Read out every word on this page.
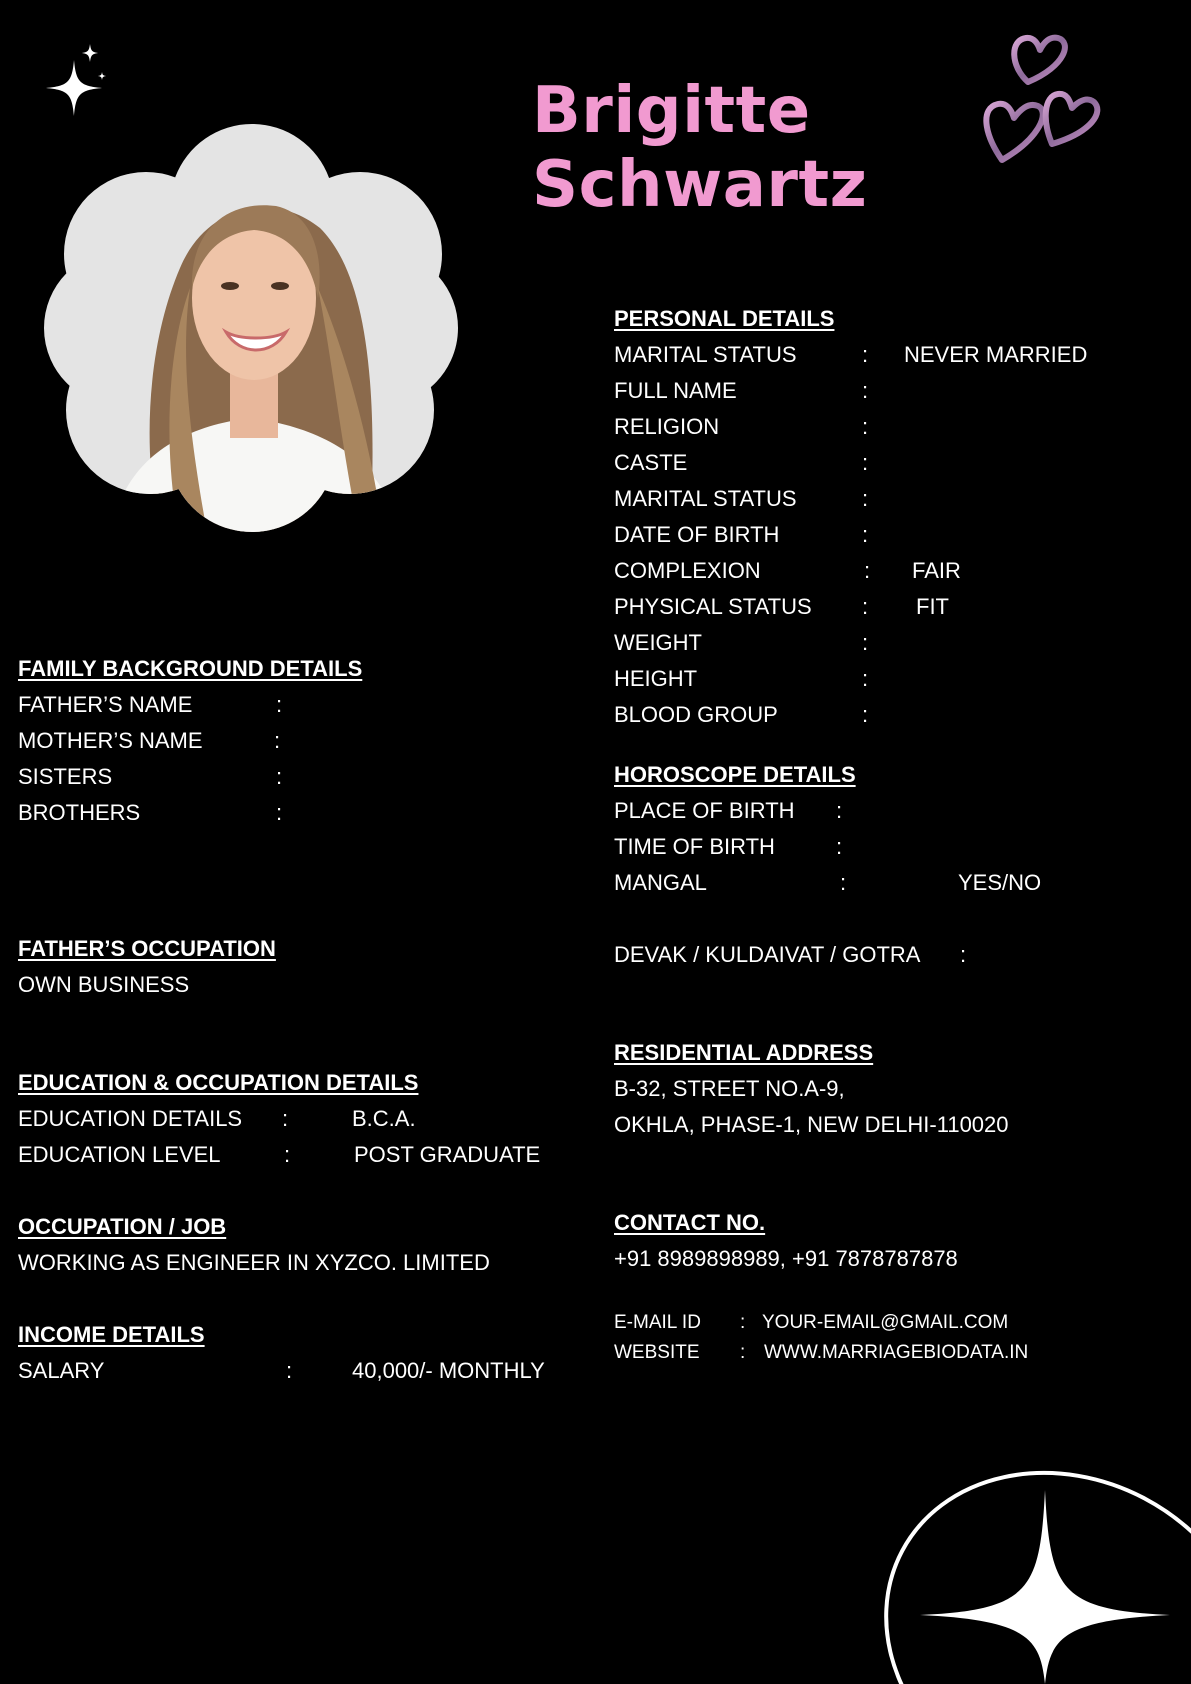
Brigitte
Schwartz
PERSONAL DETAILS
MARITAL STATUS	: NEVER MARRIED
FULL NAME	:
RELIGION	:
CASTE	:
MARITAL STATUS	:
DATE OF BIRTH	:
COMPLEXION	: FAIR
PHYSICAL STATUS : FIT
WEIGHT	:
HEIGHT	:
BLOOD GROUP	:
HOROSCOPE DETAILS
PLACE OF BIRTH :
TIME OF BIRTH	:
MANGAL	:	YES/NO
DEVAK / KULDAIVAT / GOTRA :
RESIDENTIAL ADDRESS
B-32, STREET NO.A-9,
OKHLA, PHASE-1, NEW DELHI-110020
CONTACT NO.
+91 8989898989, +91 7878787878
E-MAIL ID : YOUR-EMAIL@GMAIL.COM
WEBSITE : WWW.MARRIAGEBIODATA.IN
FAMILY BACKGROUND DETAILS
FATHER’S NAME	:
MOTHER’S NAME	:
SISTERS	:
BROTHERS	:
FATHER’S OCCUPATION
OWN BUSINESS
EDUCATION & OCCUPATION DETAILS
EDUCATION DETAILS :	B.C.A.
EDUCATION LEVEL	:	POST GRADUATE
OCCUPATION / JOB
WORKING AS ENGINEER IN XYZCO. LIMITED
INCOME DETAILS
SALARY	:	40,000/- MONTHLY
